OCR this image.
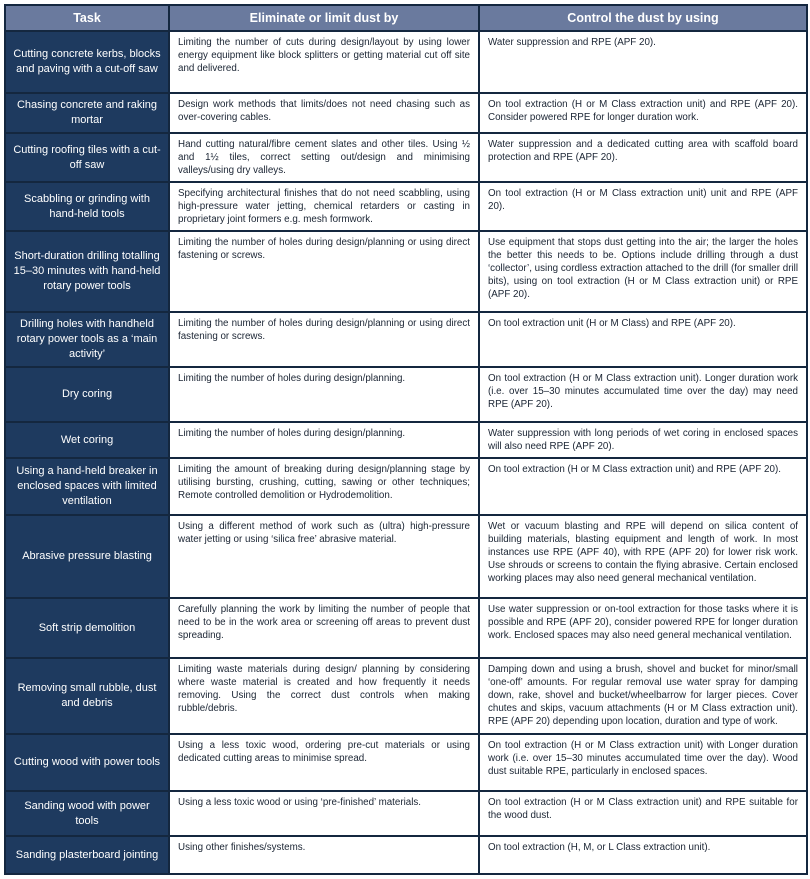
Task	Eliminate or limit dust by	Control the dust by using
Cutting concrete kerbs, blocks and paving with a cut-off saw	Limiting the number of cuts during design/layout by using lower energy equipment like block splitters or getting material cut off site and delivered.	Water suppression and RPE (APF 20).
Chasing concrete and raking mortar	Design work methods that limits/does not need chasing such as over-covering cables.	On tool extraction (H or M Class extraction unit) and RPE (APF 20). Consider powered RPE for longer duration work.
Cutting roofing tiles with a cut-off saw	Hand cutting natural/fibre cement slates and other tiles. Using ½ and 1½ tiles, correct setting out/design and minimising valleys/using dry valleys.	Water suppression and a dedicated cutting area with scaffold board protection and RPE (APF 20).
Scabbling or grinding with hand-held tools	Specifying architectural finishes that do not need scabbling, using high-pressure water jetting, chemical retarders or casting in proprietary joint formers e.g. mesh formwork.	On tool extraction (H or M Class extraction unit) unit and RPE (APF 20).
Short-duration drilling totalling 15–30 minutes with hand-held rotary power tools	Limiting the number of holes during design/planning or using direct fastening or screws.	Use equipment that stops dust getting into the air; the larger the holes the better this needs to be. Options include drilling through a dust ‘collector’, using cordless extraction attached to the drill (for smaller drill bits), using on tool extraction (H or M Class extraction unit) or RPE (APF 20).
Drilling holes with handheld rotary power tools as a ‘main activity’	Limiting the number of holes during design/planning or using direct fastening or screws.	On tool extraction unit (H or M Class) and RPE (APF 20).
Dry coring	Limiting the number of holes during design/planning.	On tool extraction (H or M Class extraction unit). Longer duration work (i.e. over 15–30 minutes accumulated time over the day) may need RPE (APF 20).
Wet coring	Limiting the number of holes during design/planning.	Water suppression with long periods of wet coring in enclosed spaces will also need RPE (APF 20).
Using a hand-held breaker in enclosed spaces with limited ventilation	Limiting the amount of breaking during design/planning stage by utilising bursting, crushing, cutting, sawing or other techniques; Remote controlled demolition or Hydrodemolition.	On tool extraction (H or M Class extraction unit) and RPE (APF 20).
Abrasive pressure blasting	Using a different method of work such as (ultra) high-pressure water jetting or using ‘silica free’ abrasive material.	Wet or vacuum blasting and RPE will depend on silica content of building materials, blasting equipment and length of work. In most instances use RPE (APF 40), with RPE (APF 20) for lower risk work. Use shrouds or screens to contain the flying abrasive. Certain enclosed working places may also need general mechanical ventilation.
Soft strip demolition	Carefully planning the work by limiting the number of people that need to be in the work area or screening off areas to prevent dust spreading.	Use water suppression or on-tool extraction for those tasks where it is possible and RPE (APF 20), consider powered RPE for longer duration work. Enclosed spaces may also need general mechanical ventilation.
Removing small rubble, dust and debris	Limiting waste materials during design/ planning by considering where waste material is created and how frequently it needs removing. Using the correct dust controls when making rubble/debris.	Damping down and using a brush, shovel and bucket for minor/small ‘one-off’ amounts. For regular removal use water spray for damping down, rake, shovel and bucket/wheelbarrow for larger pieces. Cover chutes and skips, vacuum attachments (H or M Class extraction unit). RPE (APF 20) depending upon location, duration and type of work.
Cutting wood with power tools	Using a less toxic wood, ordering pre-cut materials or using dedicated cutting areas to minimise spread.	On tool extraction (H or M Class extraction unit) with Longer duration work (i.e. over 15–30 minutes accumulated time over the day). Wood dust suitable RPE, particularly in enclosed spaces.
Sanding wood with power tools	Using a less toxic wood or using ‘pre-finished’ materials.	On tool extraction (H or M Class extraction unit) and RPE suitable for the wood dust.
Sanding plasterboard jointing	Using other finishes/systems.	On tool extraction (H, M, or L Class extraction unit).
